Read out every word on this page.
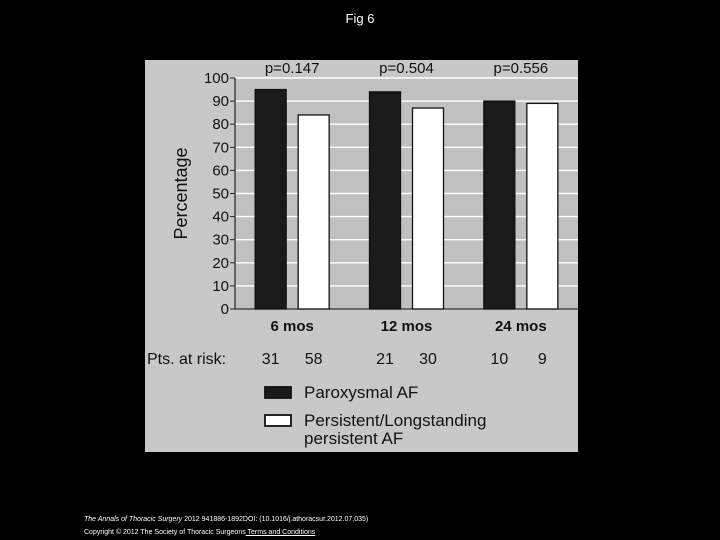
Fig 6
0
10
20
30
40
50
60
70
80
90
100
Percentage
p=0.147
6 mos
31 58
p=0.504
12 mos
21 30
p=0.556
24 mos
10 9
Pts. at risk:
Paroxysmal AF
Persistent/Longstanding
persistent AF
The Annals of Thoracic Surgery 2012 941886-1892DOI: (10.1016/j.athoracsur.2012.07.035)
Copyright © 2012 The Society of Thoracic Surgeons Terms and Conditions
